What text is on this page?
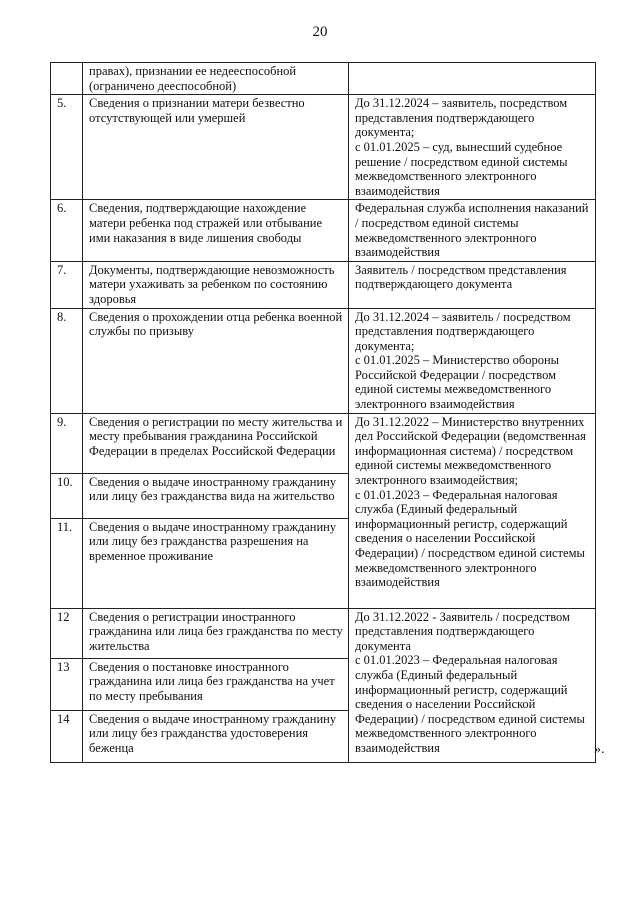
20
	правах), признании ее недееспособной (ограничено дееспособной)	
5.	Сведения о признании матери безвестно отсутствующей или умершей	До 31.12.2024 – заявитель, посредством представления подтверждающего документа;
с 01.01.2025 – суд, вынесший судебное решение / посредством единой системы межведомственного электронного взаимодействия
6.	Сведения, подтверждающие нахождение матери ребенка под стражей или отбывание ими наказания в виде лишения свободы	Федеральная служба исполнения наказаний / посредством единой системы межведомственного электронного взаимодействия
7.	Документы, подтверждающие невозможность матери ухаживать за ребенком по состоянию здоровья	Заявитель / посредством представления подтверждающего документа
8.	Сведения о прохождении отца ребенка военной службы по призыву	До 31.12.2024 – заявитель / посредством представления подтверждающего документа;
с 01.01.2025 – Министерство обороны Российской Федерации / посредством единой системы межведомственного электронного взаимодействия
9.	Сведения о регистрации по месту жительства и месту пребывания гражданина Российской Федерации в пределах Российской Федерации	До 31.12.2022 – Министерство внутренних дел Российской Федерации (ведомственная информационная система) / посредством единой системы межведомственного электронного взаимодействия;
с 01.01.2023 – Федеральная налоговая служба (Единый федеральный информационный регистр, содержащий сведения о населении Российской Федерации) / посредством единой системы межведомственного электронного взаимодействия
10.	Сведения о выдаче иностранному гражданину или лицу без гражданства вида на жительство	
11.	Сведения о выдаче иностранному гражданину или лицу без гражданства разрешения на временное проживание	
12	Сведения о регистрации иностранного гражданина или лица без гражданства по месту жительства	До 31.12.2022 - Заявитель / посредством представления подтверждающего документа
с 01.01.2023 – Федеральная налоговая служба (Единый федеральный информационный регистр, содержащий сведения о населении Российской Федерации) / посредством единой системы межведомственного электронного взаимодействия
13	Сведения о постановке иностранного гражданина или лица без гражданства на учет по месту пребывания	
14	Сведения о выдаче иностранному гражданину или лицу без гражданства удостоверения беженца		».
